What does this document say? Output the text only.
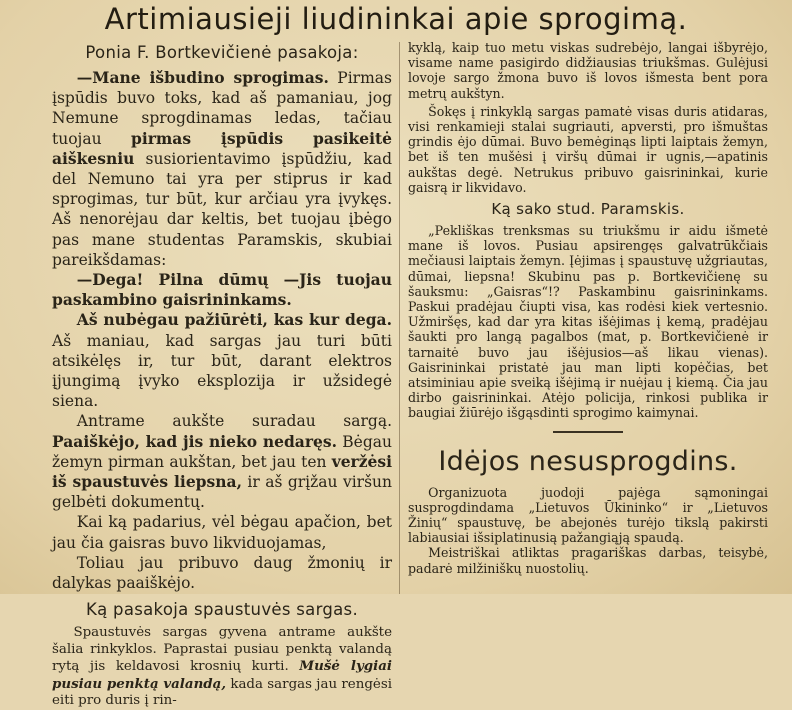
Artimiausieji liudininkai apie sprogimą.
Ponia F. Bortkevičienė pasakoja:

—Mane išbudino sprogimas. Pirmas įspūdis buvo toks, kad aš pamaniau, jog Nemune sprogdinamas ledas, tačiau tuojau pirmas įspūdis pasikeitė aiškesniu susiorientavimo įspūdžiu, kad del Nemuno tai yra per stiprus ir kad sprogimas, tur būt, kur arčiau yra įvykęs. Aš nenorėjau dar keltis, bet tuojau įbėgo pas mane studentas Paramskis, skubiai pareikšdamas:

—Dega! Pilna dūmų —Jis tuojau paskambino gaisrininkams.

Aš nubėgau pažiūrėti, kas kur dega. Aš maniau, kad sargas jau turi būti atsikėlęs ir, tur būt, darant elektros įjungimą įvyko eksplozija ir užsidegė siena.

Antrame aukšte suradau sargą. Paaiškėjo, kad jis nieko nedaręs. Bėgau žemyn pirman aukštan, bet jau ten veržėsi iš spaustuvės liepsna, ir aš grįžau viršun gelbėti dokumentų.

Kai ką padarius, vėl bėgau apačion, bet jau čia gaisras buvo likviduojamas,

Toliau jau pribuvo daug žmonių ir dalykas paaiškėjo.

Ką pasakoja spaustuvės sargas.

Spaustuvės sargas gyvena antrame aukšte šalia rinkyklos. Paprastai pusiau penktą valandą rytą jis keldavosi krosnių kurti. Mušė lygiai pusiau penktą valandą, kada sargas jau rengėsi eiti pro duris į rin-

kyklą, kaip tuo metu viskas sudrebėjo, langai išbyrėjo, visame name pasigirdo didžiausias triukšmas. Gulėjusi lovoje sargo žmona buvo iš lovos išmesta bent pora metrų aukštyn.

Šokęs į rinkyklą sargas pamatė visas duris atidaras, visi renkamieji stalai sugriauti, apversti, pro išmuštas grindis ėjo dūmai. Buvo bemėginąs lipti laiptais žemyn, bet iš ten mušėsi į viršų dūmai ir ugnis,—apatinis aukštas degė. Netrukus pribuvo gaisrininkai, kurie gaisrą ir likvidavo.

Ką sako stud. Paramskis.

„Pekliškas trenksmas su triukšmu ir aidu išmetė mane iš lovos. Pusiau apsirengęs galvatrūkčiais mečiausi laiptais žemyn. Įėjimas į spaustuvę užgriautas, dūmai, liepsna! Skubinu pas p. Bortkevičienę su šauksmu: „Gaisras“!? Paskambinu gaisrininkams. Paskui pradėjau čiupti visa, kas rodėsi kiek vertesnio. Užmiršęs, kad dar yra kitas išėjimas į kemą, pradėjau šaukti pro langą pagalbos (mat, p. Bortkevičienė ir tarnaitė buvo jau išėjusios—aš likau vienas). Gaisrininkai pristatė jau man lipti kopėčias, bet atsiminiau apie sveiką išėjimą ir nuėjau į kiemą. Čia jau dirbo gaisrininkai. Atėjo policija, rinkosi publika ir baugiai žiūrėjo išgąsdinti sprogimo kaimynai.

Idėjos nesusprogdins.

Organizuota juodoji pajėga sąmoningai susprogdindama „Lietuvos Ūkininko“ ir „Lietuvos Žinių“ spaustuvę, be abejonės turėjo tikslą pakirsti labiausiai išsiplatinusią pažangiąją spaudą.

Meistriškai atliktas pragariškas darbas, teisybė, padarė milžiniškų nuostolių.
